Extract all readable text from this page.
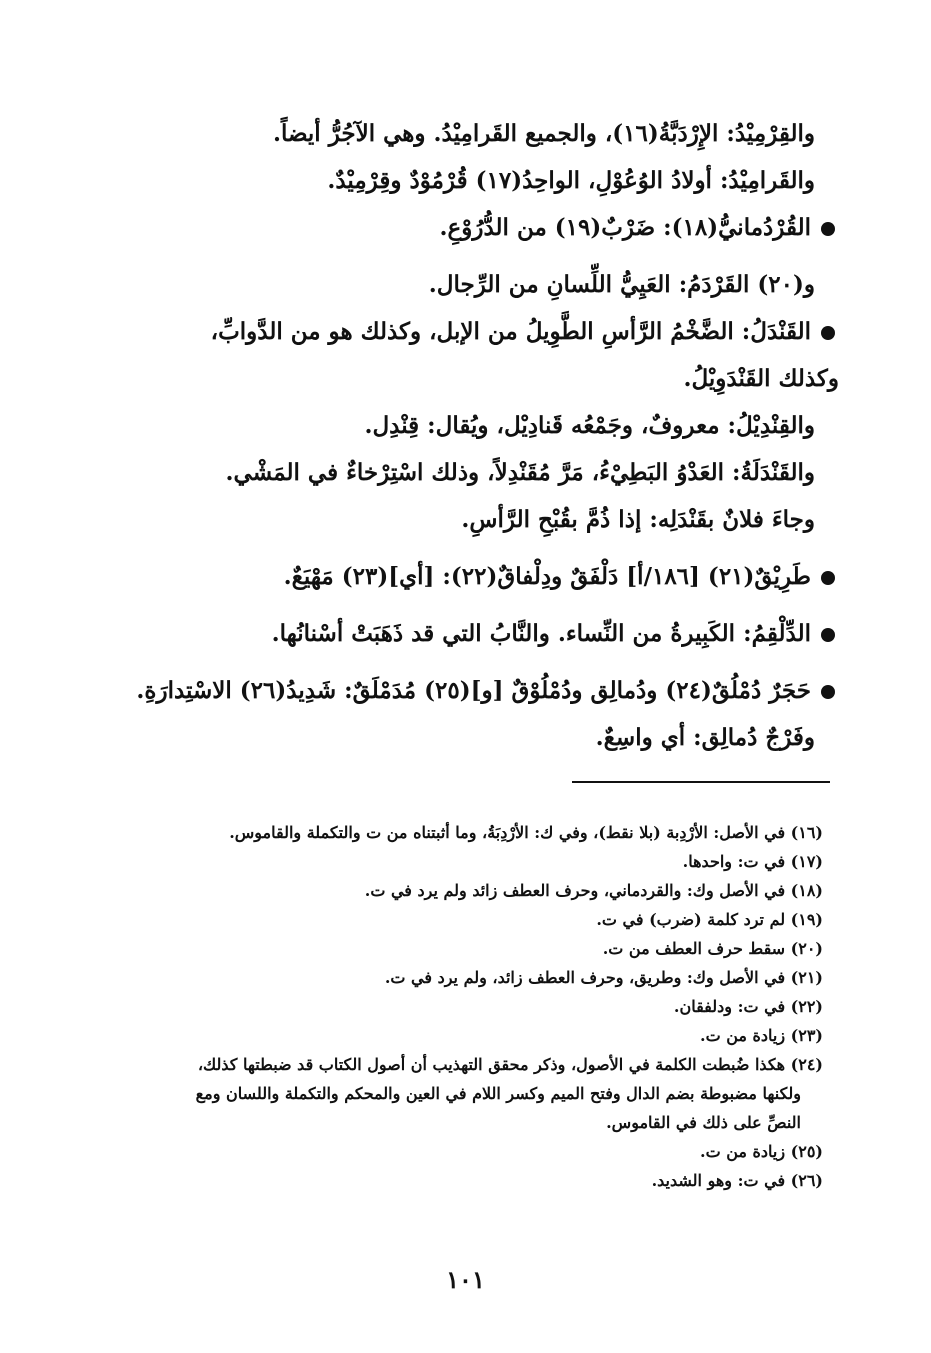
والقِرْمِيْدُ: الإِرْدَبَّةُ(١٦)، والجميع القَرامِيْدُ. وهي الآجُرُّ أيضاً.
والقَرامِيْدُ: أولادُ الوُعُوْلِ، الواحِدُ(١٧) قُرْمُوْدٌ وقِرْمِيْدٌ.
القُرْدُمانيُّ(١٨): ضَرْبٌ(١٩) من الدُّرُوْعِ.
و(٢٠) القَرْدَمُ: العَيِيُّ اللِّسانِ من الرِّجال.
القَنْدَلُ: الضَّخْمُ الرَّأسِ الطَّوِيلُ من الإبل، وكذلك هو من الدَّوابِّ،
وكذلك القَنْدَوِيْلُ.
والقِنْدِيْلُ: معروفٌ، وجَمْعُه قَنادِيْل، ويُقال: قِنْدِل.
والقَنْدَلَةُ: العَدْوُ البَطِيْءُ، مَرَّ مُقَنْدِلاً، وذلك اسْتِرْخاءٌ في المَشْي.
وجاءَ فلانٌ بقَنْدَلِه: إذا ذُمَّ بقُبْحِ الرَّأسِ.
طَرِيْقٌ(٢١) [١٨٦/أ] دَلْفَقٌ ودِلْفاقٌ(٢٢): [أي](٢٣) مَهْيَعٌ.
الدِّلْقِمُ: الكَبِيرةُ من النِّساء. والنَّابُ التي قد ذَهَبَتْ أسْنانُها.
حَجَرٌ دُمْلُقٌ(٢٤) ودُمالِق ودُمْلُوْقٌ [و](٢٥) مُدَمْلَقٌ: شَدِيدُ(٢٦) الاسْتِدارَةِ.
وفَرْجٌ دُمالِق: أي واسِعٌ.
(١٦) في الأصل: الأرْدِبة (بلا نقط)، وفي ك: الأرْدِبَةُ، وما أثبتناه من ت والتكملة والقاموس.
(١٧) في ت: واحدها.
(١٨) في الأصل وك: والقردماني، وحرف العطف زائد ولم يرد في ت.
(١٩) لم ترد كلمة (ضرب) في ت.
(٢٠) سقط حرف العطف من ت.
(٢١) في الأصل وك: وطريق، وحرف العطف زائد، ولم يرد في ت.
(٢٢) في ت: ودلفقان.
(٢٣) زيادة من ت.
(٢٤) هكذا ضُبطت الكلمة في الأصول، وذكر محقق التهذيب أن أصول الكتاب قد ضبطتها كذلك،
ولكنها مضبوطة بضم الدال وفتح الميم وكسر اللام في العين والمحكم والتكملة واللسان ومع
النصِّ على ذلك في القاموس.
(٢٥) زيادة من ت.
(٢٦) في ت: وهو الشديد.
١٠١
